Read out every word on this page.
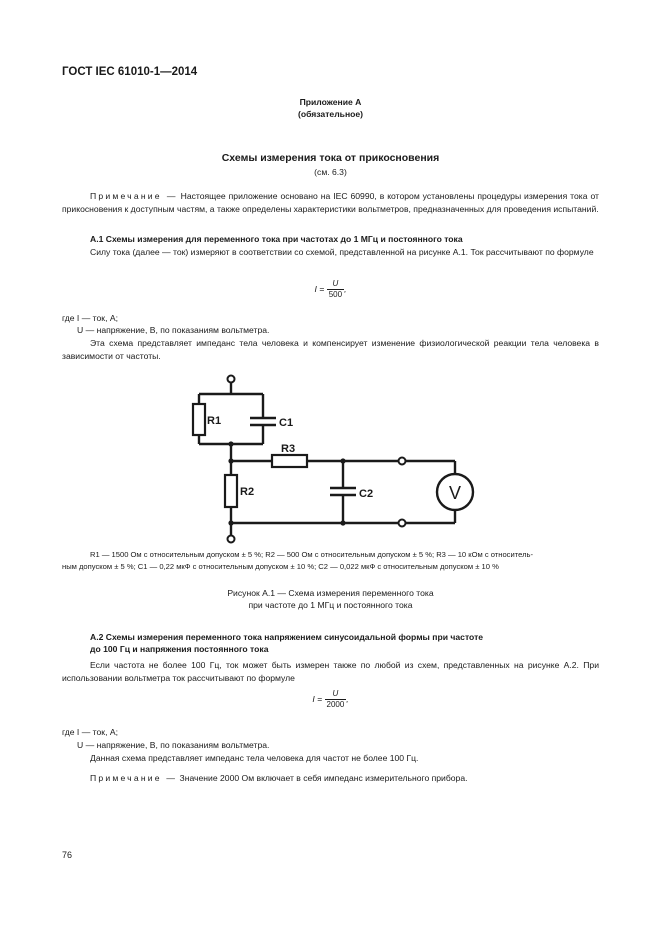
ГОСТ IEC 61010-1—2014
Приложение А
(обязательное)
Схемы измерения тока от прикосновения
(см. 6.3)
Примечание — Настоящее приложение основано на IEC 60990, в котором установлены процедуры измерения тока от прикосновения к доступным частям, а также определены характеристики вольтметров, предназначенных для проведения испытаний.
А.1 Схемы измерения для переменного тока при частотах до 1 МГц и постоянного тока
Силу тока (далее — ток) измеряют в соответствии со схемой, представленной на рисунке А.1. Ток рассчитывают по формуле
$I = \frac{U}{500}$ ,
где I — ток, А;
U — напряжение, В, по показаниям вольтметра.
Эта схема представляет импеданс тела человека и компенсирует изменение физиологической реакции тела человека в зависимости от частоты.
V
R1	C1
R3
R2	C2
R1 — 1500 Ом с относительным допуском ± 5 %; R2 — 500 Ом с относительным допуском ± 5 %; R3 — 10 кОм с относитель-
ным допуском ± 5 %; С1 — 0,22 мкФ с относительным допуском ± 10 %; С2 — 0,022 мкФ с относительным допуском ± 10 %
Рисунок А.1 — Схема измерения переменного тока
при частоте до 1 МГц и постоянного тока
А.2 Схемы измерения переменного тока напряжением синусоидальной формы при частоте
до 100 Гц и напряжения постоянного тока
Если частота не более 100 Гц, ток может быть измерен также по любой из схем, представленных на рисунке А.2. При использовании вольтметра ток рассчитывают по формуле
$I = \frac{U}{2000}$ ,
где I — ток, А;
U — напряжение, В, по показаниям вольтметра.
Данная схема представляет импеданс тела человека для частот не более 100 Гц.
Примечание — Значение 2000 Ом включает в себя импеданс измерительного прибора.
76
